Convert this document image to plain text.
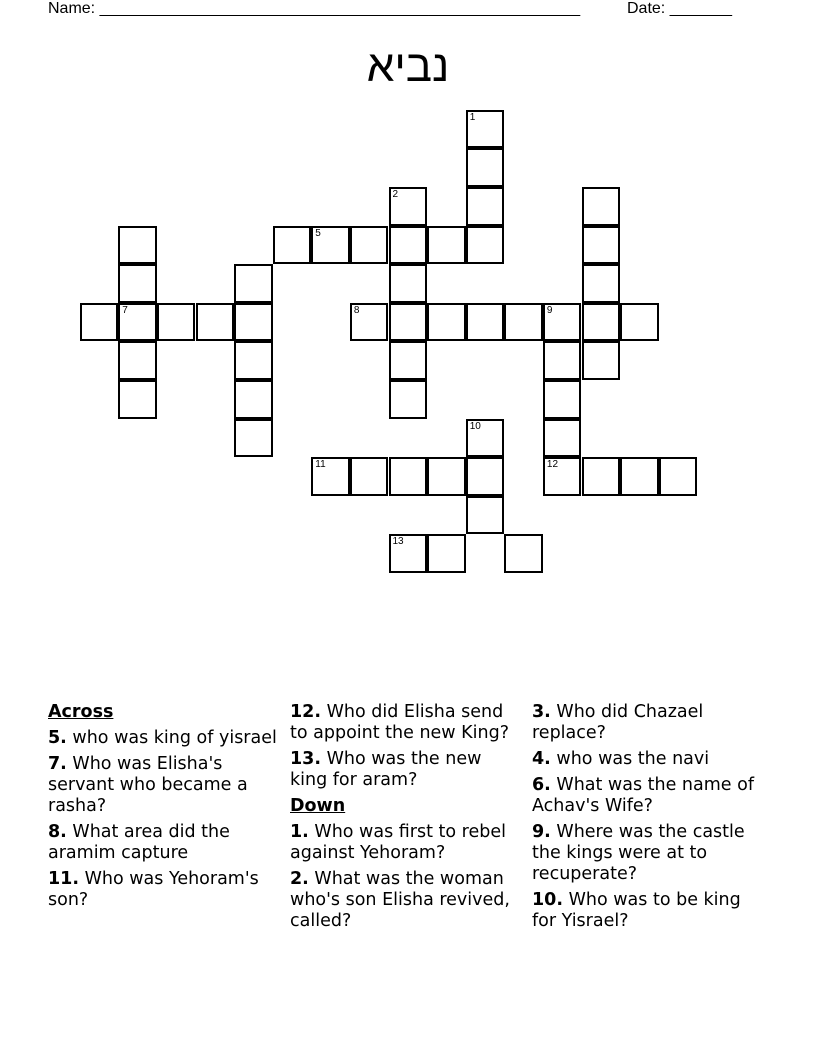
Name: ______________________________________________________	Date: _______
נביא
1
2
7
5
8	9
11
10
12
13
Across
5. who was king of yisrael
7. Who was Elisha's servant who became a rasha?
8. What area did the aramim capture
11. Who was Yehoram's son?
12. Who did Elisha send to appoint the new King?
13. Who was the new king for aram?
Down
1. Who was first to rebel against Yehoram?
2. What was the woman who's son Elisha revived, called?
3. Who did Chazael replace?
4. who was the navi
6. What was the name of Achav's Wife?
9. Where was the castle the kings were at to recuperate?
10. Who was to be king for Yisrael?
